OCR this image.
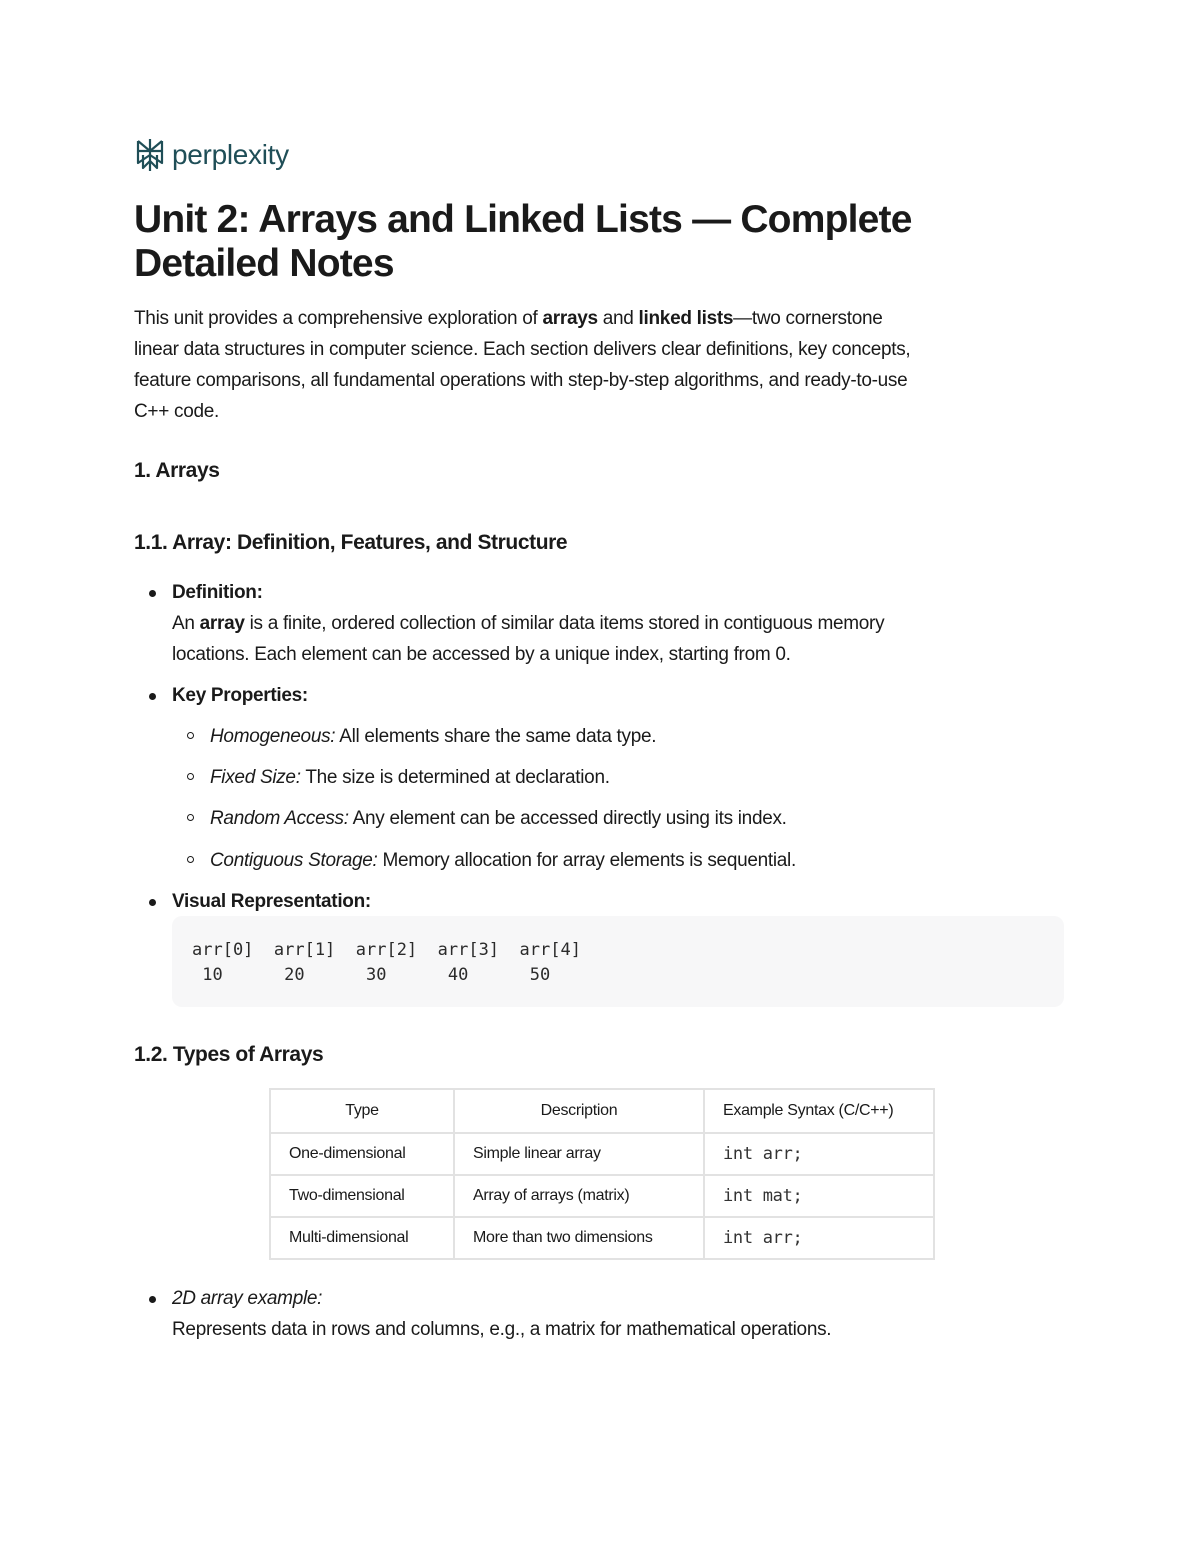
perplexity
Unit 2: Arrays and Linked Lists — Complete Detailed Notes
This unit provides a comprehensive exploration of arrays and linked lists—two cornerstone
linear data structures in computer science. Each section delivers clear definitions, key concepts,
feature comparisons, all fundamental operations with step-by-step algorithms, and ready-to-use
C++ code.
1. Arrays
1.1. Array: Definition, Features, and Structure

Definition:

An array is a finite, ordered collection of similar data items stored in contiguous memory

locations. Each element can be accessed by a unique index, starting from 0.

Key Properties:

Homogeneous: All elements share the same data type.

Fixed Size: The size is determined at declaration.

Random Access: Any element can be accessed directly using its index.

Contiguous Storage: Memory allocation for array elements is sequential.

Visual Representation:

arr[0]  arr[1]  arr[2]  arr[3]  arr[4]

10      20      30      40      50

1.2. Types of Arrays
Type	Description	Example Syntax (C/C++)
One-dimensional	Simple linear array	int arr;
Two-dimensional	Array of arrays (matrix)	int mat;
Multi-dimensional	More than two dimensions	int arr;

2D array example:

Represents data in rows and columns, e.g., a matrix for mathematical operations.
